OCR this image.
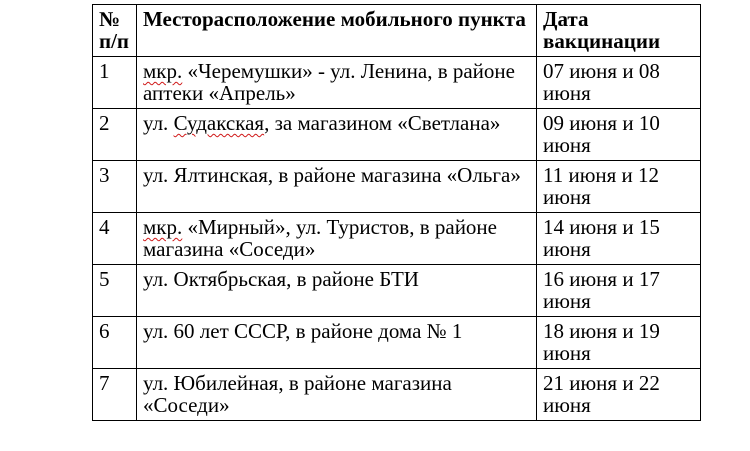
№ п/п	Месторасположение мобильного пункта	Дата вакцинации
1	мкр. «Черемушки» - ул. Ленина, в районе аптеки «Апрель»	07 июня и 08 июня
2	ул. Судакская, за магазином «Светлана»	09 июня и 10 июня
3	ул. Ялтинская, в районе магазина «Ольга»	11 июня и 12 июня
4	мкр. «Мирный», ул. Туристов, в районе магазина «Соседи»	14 июня и 15 июня
5	ул. Октябрьская, в районе БТИ	16 июня и 17 июня
6	ул. 60 лет СССР, в районе дома № 1	18 июня и 19 июня
7	ул. Юбилейная, в районе магазина «Соседи»	21 июня и 22 июня
